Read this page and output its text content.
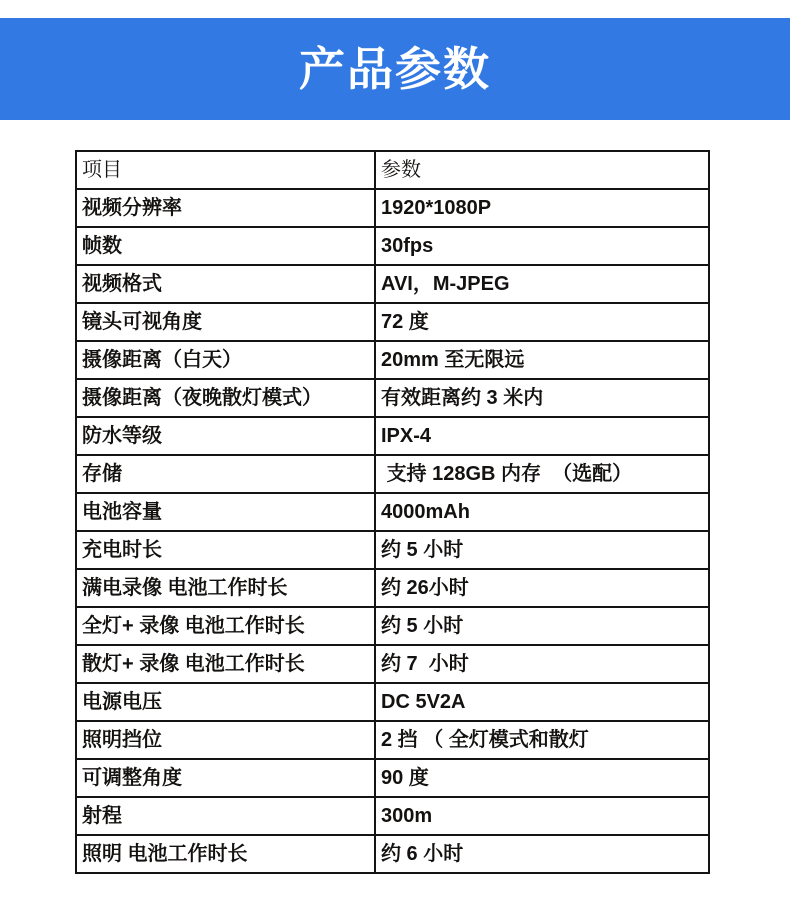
产品参数
项目	参数
视频分辨率	1920*1080P
帧数	30fps
视频格式	AVI，M-JPEG
镜头可视角度	72 度
摄像距离（白天）	20mm 至无限远
摄像距离（夜晚散灯模式）	有效距离约 3 米内
防水等级	IPX-4
存储	支持 128GB 内存  （选配）
电池容量	4000mAh
充电时长	约 5 小时
满电录像 电池工作时长	约 26小时
全灯+ 录像 电池工作时长	约 5 小时
散灯+ 录像 电池工作时长	约 7  小时
电源电压	DC 5V2A
照明挡位	2 挡 （ 全灯模式和散灯
可调整角度	90 度
射程	300m
照明 电池工作时长	约 6 小时
